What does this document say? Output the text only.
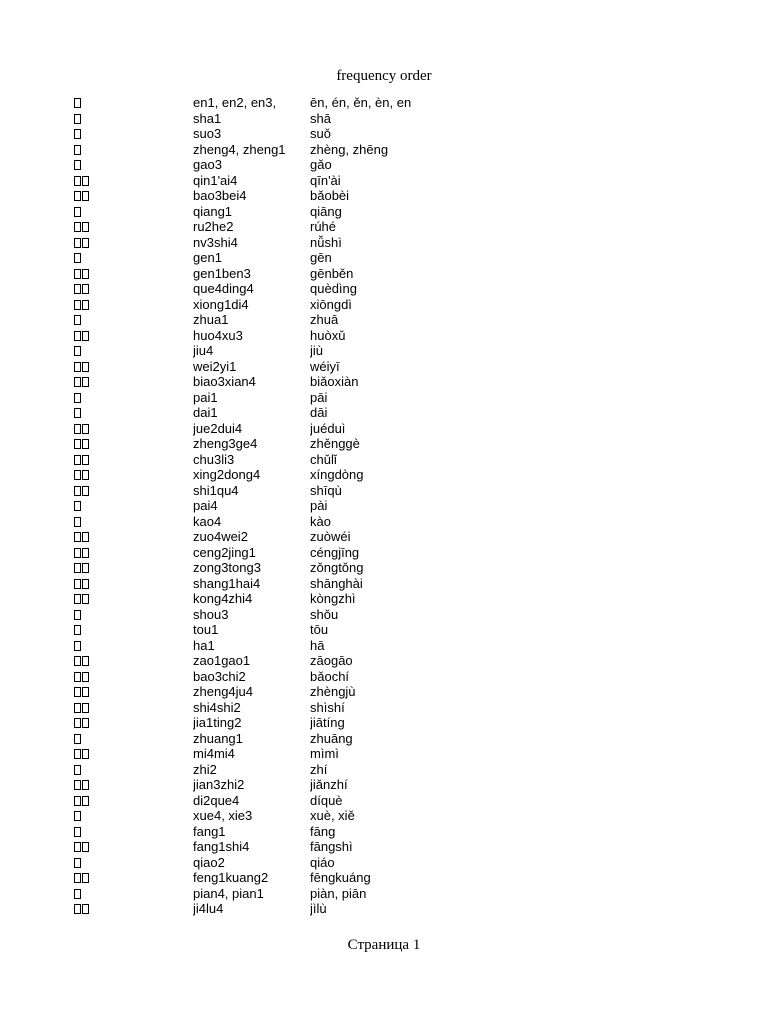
frequency order
en1, en2, en3,	ēn, én, ěn, èn, en
sha1	shā
suo3	suǒ
zheng4, zheng1	zhèng, zhēng
gao3	gǎo
qin1'ai4	qīn'ài
bao3bei4	bǎobèi
qiang1	qiāng
ru2he2	rúhé
nv3shi4	nǚshì
gen1	gēn
gen1ben3	gēnběn
que4ding4	quèdìng
xiong1di4	xiōngdì
zhua1	zhuā
huo4xu3	huòxǔ
jiu4	jiù
wei2yi1	wéiyī
biao3xian4	biǎoxiàn
pai1	pāi
dai1	dāi
jue2dui4	juéduì
zheng3ge4	zhěnggè
chu3li3	chǔlǐ
xing2dong4	xíngdòng
shi1qu4	shīqù
pai4	pài
kao4	kào
zuo4wei2	zuòwéi
ceng2jing1	céngjīng
zong3tong3	zǒngtǒng
shang1hai4	shānghài
kong4zhi4	kòngzhì
shou3	shǒu
tou1	tōu
ha1	hā
zao1gao1	zāogāo
bao3chi2	bǎochí
zheng4ju4	zhèngjù
shi4shi2	shìshí
jia1ting2	jiātíng
zhuang1	zhuāng
mi4mi4	mìmì
zhi2	zhí
jian3zhi2	jiǎnzhí
di2que4	díquè
xue4, xie3	xuè, xiě
fang1	fāng
fang1shi4	fāngshì
qiao2	qiáo
feng1kuang2	fēngkuáng
pian4, pian1	piàn, piān
ji4lu4	jìlù
Страница 1
